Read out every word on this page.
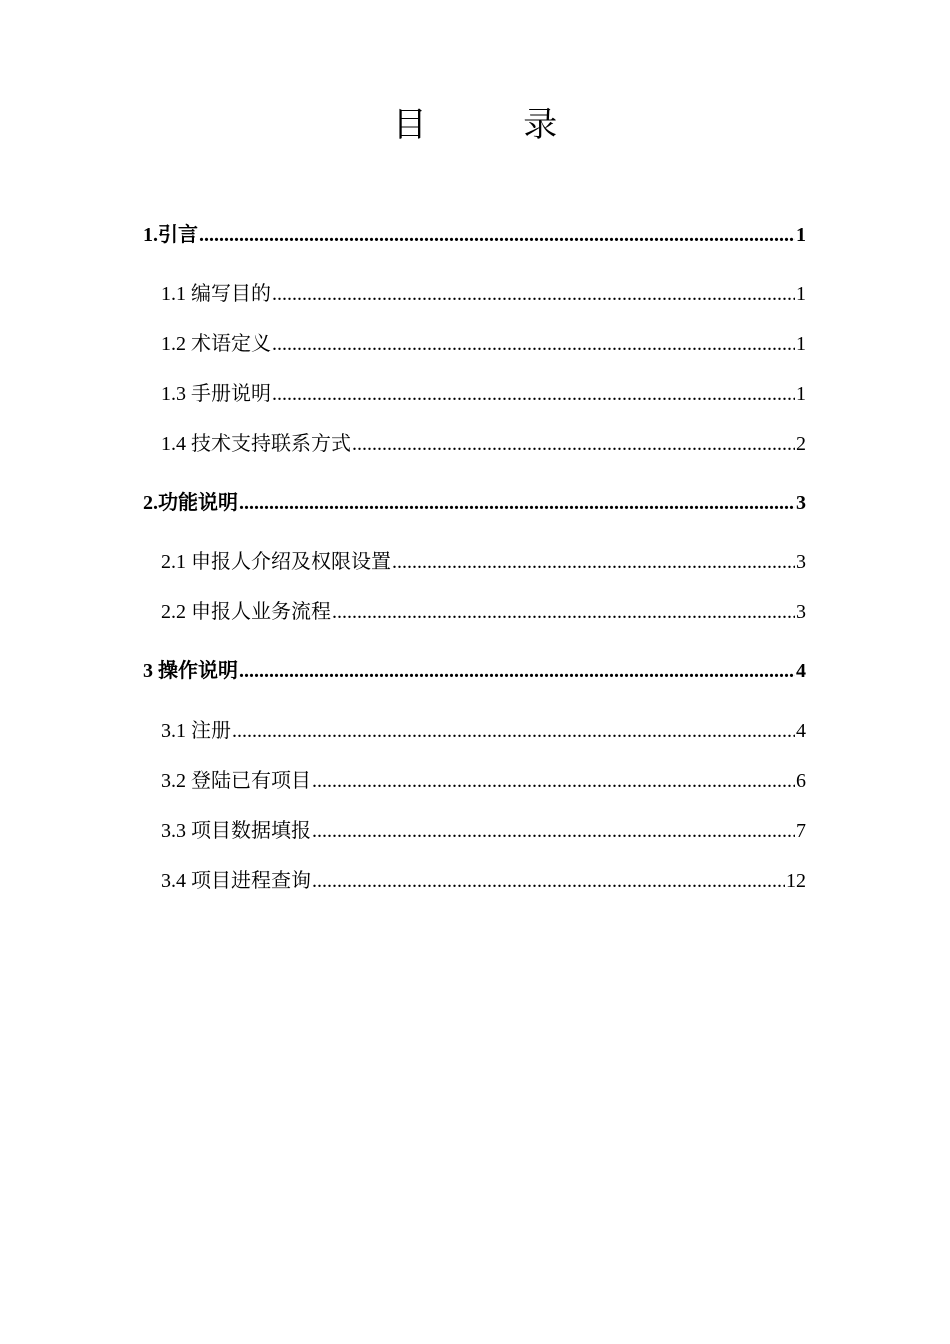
目 录
1.引言 .....	1
1.1 编写目的 .....	1
1.2 术语定义 .....	1
1.3 手册说明 .....	1
1.4 技术支持联系方式 .....	2
2.功能说明 .....	3
2.1 申报人介绍及权限设置 .....	3
2.2 申报人业务流程 .....	3
3 操作说明 .....	4
3.1 注册 .....	4
3.2 登陆已有项目 .....	6
3.3 项目数据填报 .....	7
3.4 项目进程查询 .....	12
